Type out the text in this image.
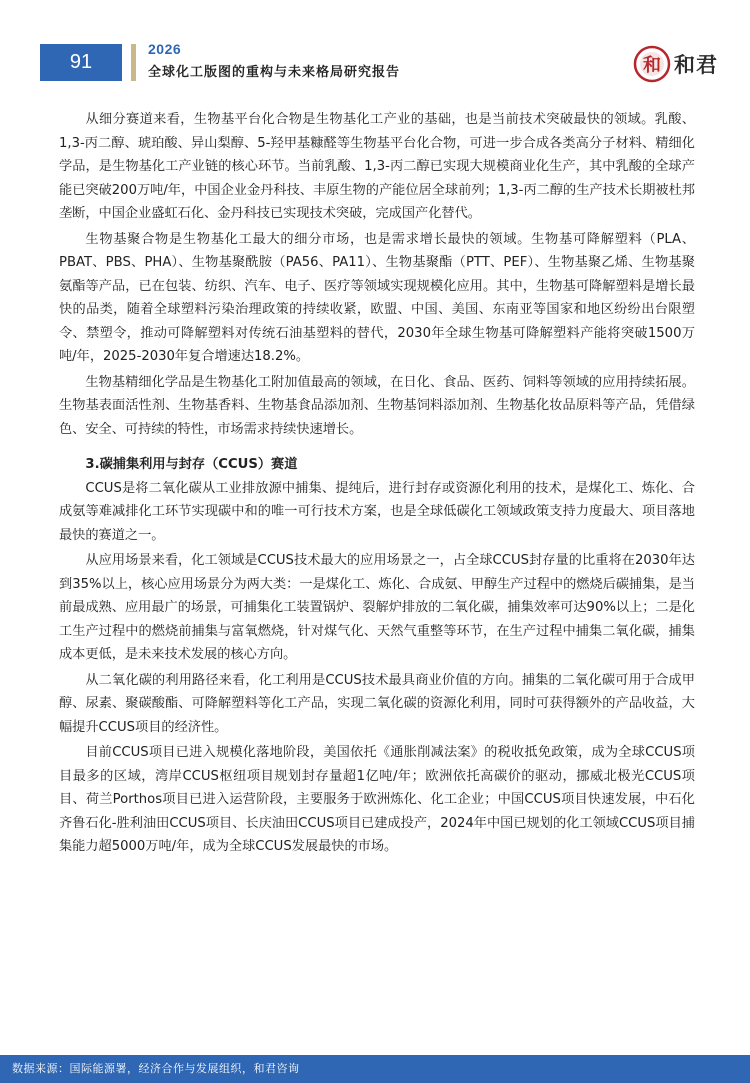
91
2026
全球化工版图的重构与未来格局研究报告	和 和君

从细分赛道来看，生物基平台化合物是生物基化工产业的基础，也是当前技术突破最快的领域。乳酸、1,3-丙二醇、琥珀酸、异山梨醇、5-羟甲基糠醛等生物基平台化合物，可进一步合成各类高分子材料、精细化学品，是生物基化工产业链的核心环节。当前乳酸、1,3-丙二醇已实现大规模商业化生产，其中乳酸的全球产能已突破200万吨/年，中国企业金丹科技、丰原生物的产能位居全球前列；1,3-丙二醇的生产技术长期被杜邦垄断，中国企业盛虹石化、金丹科技已实现技术突破，完成国产化替代。

生物基聚合物是生物基化工最大的细分市场，也是需求增长最快的领域。生物基可降解塑料（PLA、PBAT、PBS、PHA）、生物基聚酰胺（PA56、PA11）、生物基聚酯（PTT、PEF）、生物基聚乙烯、生物基聚氨酯等产品，已在包装、纺织、汽车、电子、医疗等领域实现规模化应用。其中，生物基可降解塑料是增长最快的品类，随着全球塑料污染治理政策的持续收紧，欧盟、中国、美国、东南亚等国家和地区纷纷出台限塑令、禁塑令，推动可降解塑料对传统石油基塑料的替代，2030年全球生物基可降解塑料产能将突破1500万吨/年，2025-2030年复合增速达18.2%。

生物基精细化学品是生物基化工附加值最高的领域，在日化、食品、医药、饲料等领域的应用持续拓展。生物基表面活性剂、生物基香料、生物基食品添加剂、生物基饲料添加剂、生物基化妆品原料等产品，凭借绿色、安全、可持续的特性，市场需求持续快速增长。

3.碳捕集利用与封存（CCUS）赛道

CCUS是将二氧化碳从工业排放源中捕集、提纯后，进行封存或资源化利用的技术，是煤化工、炼化、合成氨等难减排化工环节实现碳中和的唯一可行技术方案，也是全球低碳化工领域政策支持力度最大、项目落地最快的赛道之一。

从应用场景来看，化工领域是CCUS技术最大的应用场景之一，占全球CCUS封存量的比重将在2030年达到35%以上，核心应用场景分为两大类：一是煤化工、炼化、合成氨、甲醇生产过程中的燃烧后碳捕集，是当前最成熟、应用最广的场景，可捕集化工装置锅炉、裂解炉排放的二氧化碳，捕集效率可达90%以上；二是化工生产过程中的燃烧前捕集与富氧燃烧，针对煤气化、天然气重整等环节，在生产过程中捕集二氧化碳，捕集成本更低，是未来技术发展的核心方向。

从二氧化碳的利用路径来看，化工利用是CCUS技术最具商业价值的方向。捕集的二氧化碳可用于合成甲醇、尿素、聚碳酸酯、可降解塑料等化工产品，实现二氧化碳的资源化利用，同时可获得额外的产品收益，大幅提升CCUS项目的经济性。

目前CCUS项目已进入规模化落地阶段，美国依托《通胀削减法案》的税收抵免政策，成为全球CCUS项目最多的区域，湾岸CCUS枢纽项目规划封存量超1亿吨/年；欧洲依托高碳价的驱动，挪威北极光CCUS项目、荷兰Porthos项目已进入运营阶段，主要服务于欧洲炼化、化工企业；中国CCUS项目快速发展，中石化齐鲁石化-胜利油田CCUS项目、长庆油田CCUS项目已建成投产，2024年中国已规划的化工领域CCUS项目捕集能力超5000万吨/年，成为全球CCUS发展最快的市场。

数据来源：国际能源署，经济合作与发展组织，和君咨询
